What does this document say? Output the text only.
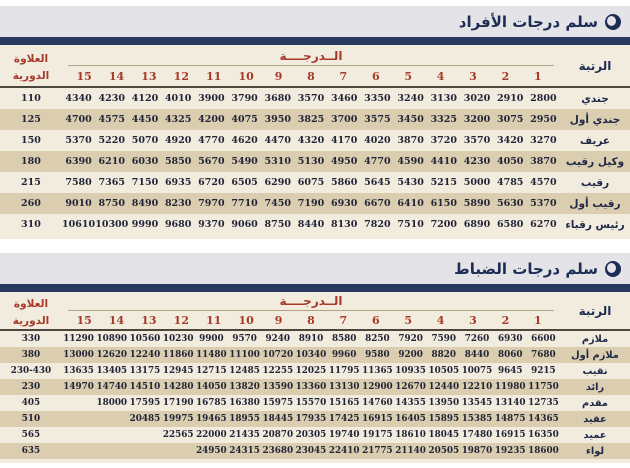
سلم درجات الأفراد
الرتبة
الــدرجــــة
1
2
3
4
5
6
7
8
9
10
11
12
13
14
15
العلاوة
الدورية
جندي
2800
2910
3020
3130
3240
3350
3460
3570
3680
3790
3900
4010
4120
4230
4340
110
جندي أول
2950
3075
3200
3325
3450
3575
3700
3825
3950
4075
4200
4325
4450
4575
4700
125
عريف
3270
3420
3570
3720
3870
4020
4170
4320
4470
4620
4770
4920
5070
5220
5370
150
وكيل رقيب
3870
4050
4230
4410
4590
4770
4950
5130
5310
5490
5670
5850
6030
6210
6390
180
رقيب
4570
4785
5000
5215
5430
5645
5860
6075
6290
6505
6720
6935
7150
7365
7580
215
رقيب أول
5370
5630
5890
6150
6410
6670
6930
7190
7450
7710
7970
8230
8490
8750
9010
260
رئيس رقباء
6270
6580
6890
7200
7510
7820
8130
8440
8750
9060
9370
9680
9990
10300
10610
310
سلم درجات الضباط
الرتبة
الــدرجــــة
1
2
3
4
5
6
7
8
9
10
11
12
13
14
15
العلاوة
الدورية
ملازم
6600
6930
7260
7590
7920
8250
8580
8910
9240
9570
9900
10230
10560
10890
11290
330
ملازم أول
7680
8060
8440
8820
9200
9580
9960
10340
10720
11100
11480
11860
12240
12620
13000
380
نقيب
9215
9645
10075
10505
10935
11365
11795
12025
12255
12485
12715
12945
13175
13405
13635
230-430
رائد
11750
11980
12210
12440
12670
12900
13130
13360
13590
13820
14050
14280
14510
14740
14970
230
مقدم
12735
13140
13545
13950
14355
14760
15165
15570
15975
16380
16785
17190
17595
18000
405
عقيد
14365
14875
15385
15895
16405
16915
17425
17935
18445
18955
19465
19975
20485
510
عميد
16350
16915
17480
18045
18610
19175
19740
20305
20870
21435
22000
22565
565
لواء
18600
19235
19870
20505
21140
21775
22410
23045
23680
24315
24950
635
